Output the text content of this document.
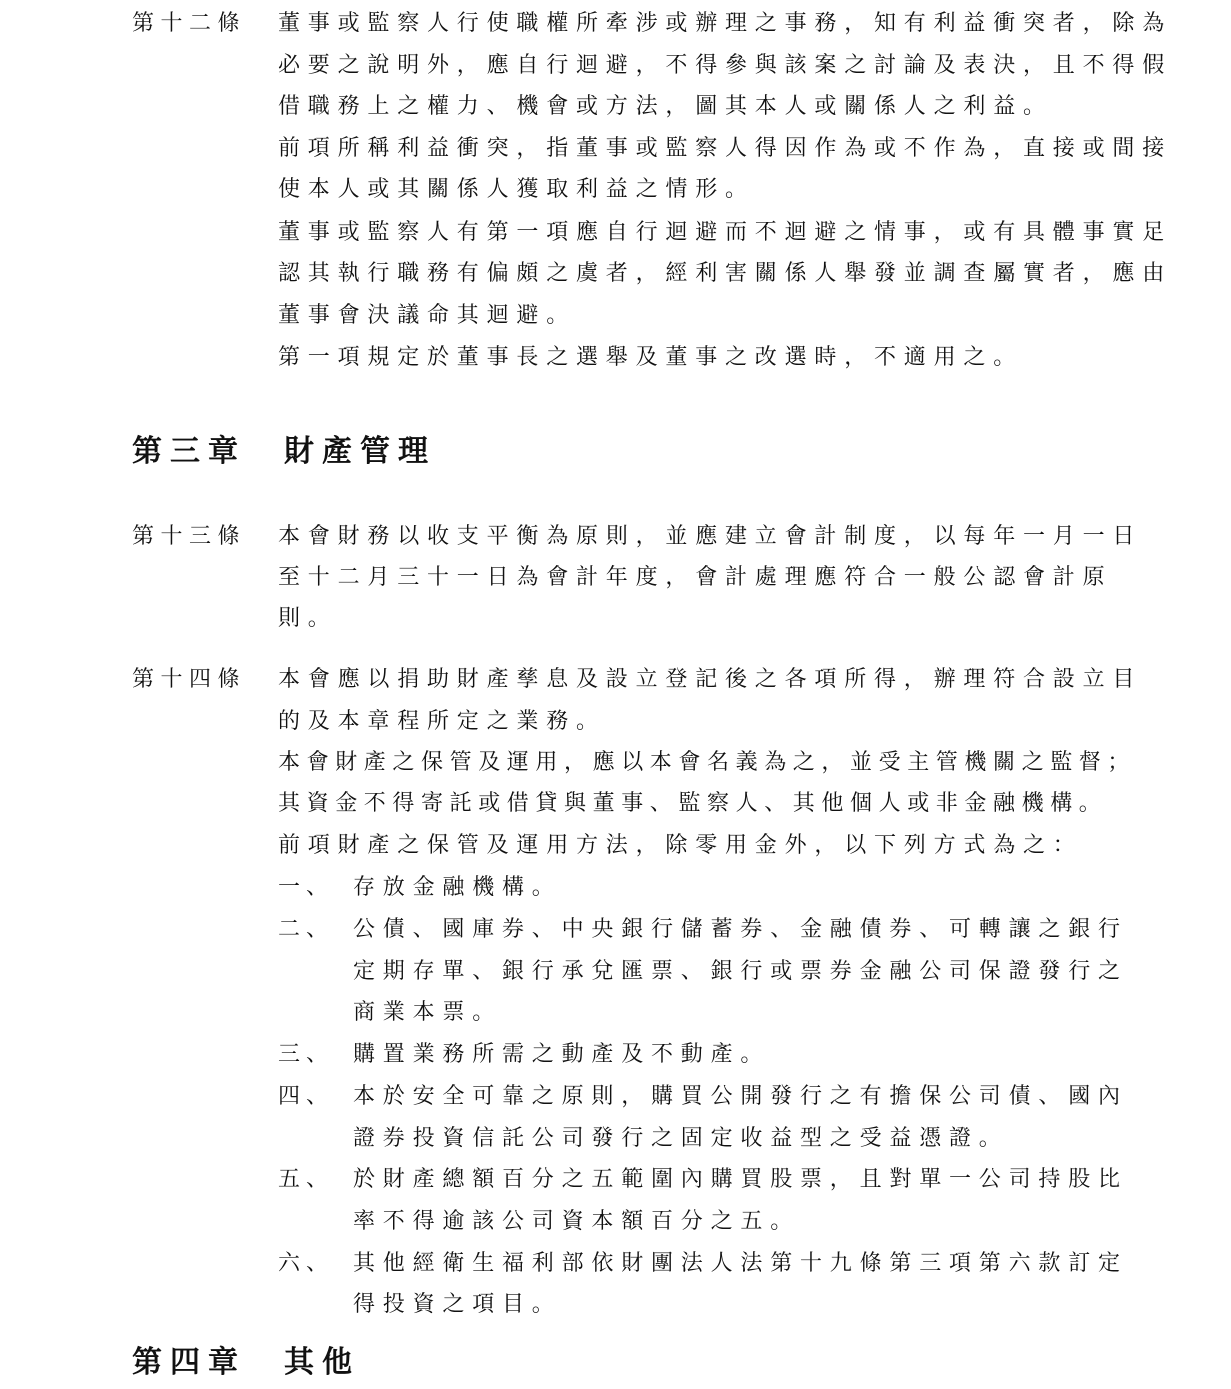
第十二條 董事或監察人行使職權所牽涉或辦理之事務，知有利益衝突者，除為
必要之說明外，應自行迴避，不得參與該案之討論及表決，且不得假
借職務上之權力、機會或方法，圖其本人或關係人之利益。
前項所稱利益衝突，指董事或監察人得因作為或不作為，直接或間接
使本人或其關係人獲取利益之情形。
董事或監察人有第一項應自行迴避而不迴避之情事，或有具體事實足
認其執行職務有偏頗之虞者，經利害關係人舉發並調查屬實者，應由
董事會決議命其迴避。
第一項規定於董事長之選舉及董事之改選時，不適用之。
第三章 財產管理
第十三條 本會財務以收支平衡為原則，並應建立會計制度，以每年一月一日
至十二月三十一日為會計年度，會計處理應符合一般公認會計原
則。
第十四條 本會應以捐助財產孳息及設立登記後之各項所得，辦理符合設立目
的及本章程所定之業務。
本會財產之保管及運用，應以本會名義為之，並受主管機關之監督；
其資金不得寄託或借貸與董事、監察人、其他個人或非金融機構。
前項財產之保管及運用方法，除零用金外，以下列方式為之：
一、 存放金融機構。
二、 公債、國庫券、中央銀行儲蓄券、金融債券、可轉讓之銀行
定期存單、銀行承兌匯票、銀行或票券金融公司保證發行之
商業本票。
三、 購置業務所需之動產及不動產。
四、 本於安全可靠之原則，購買公開發行之有擔保公司債、國內
證券投資信託公司發行之固定收益型之受益憑證。
五、 於財產總額百分之五範圍內購買股票，且對單一公司持股比
率不得逾該公司資本額百分之五。
六、 其他經衛生福利部依財團法人法第十九條第三項第六款訂定
得投資之項目。
第四章 其他
